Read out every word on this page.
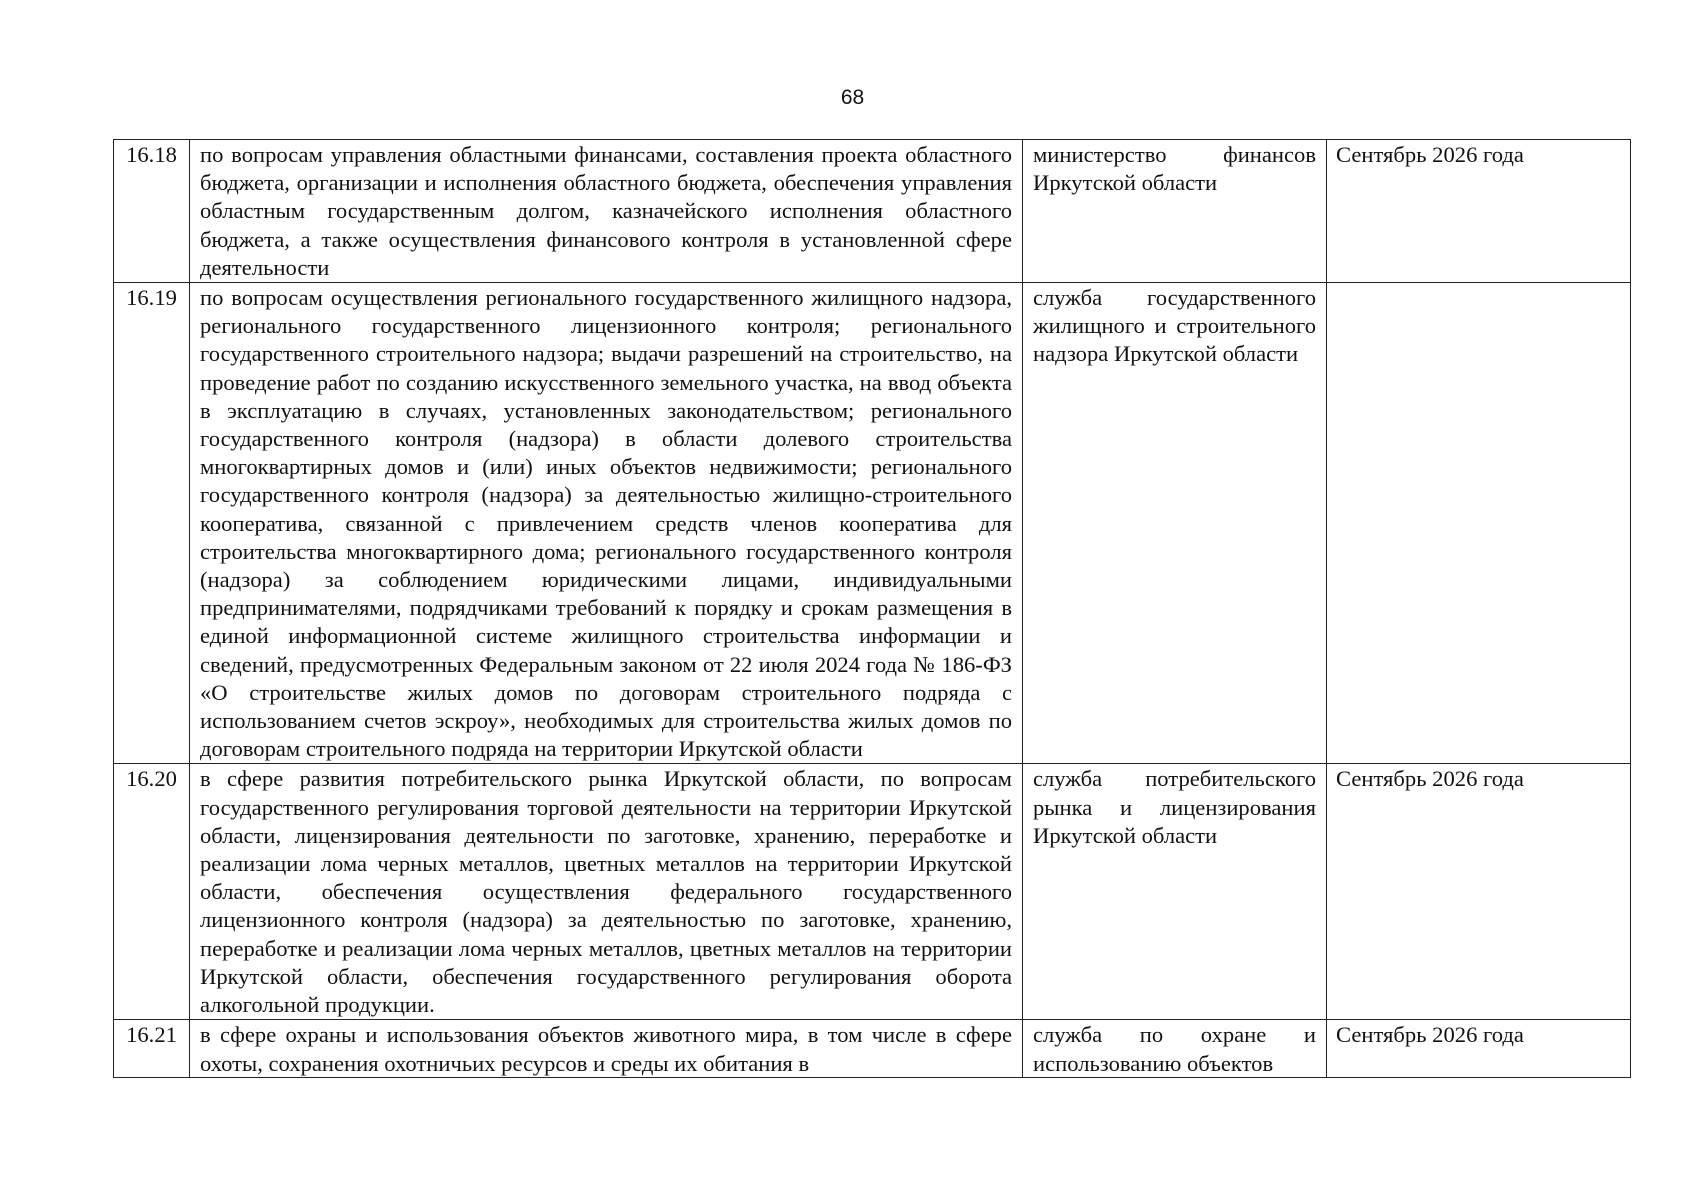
68
16.18	по вопросам управления областными финансами, составления проекта областного бюджета, организации и исполнения областного бюджета, обеспечения управления областным государственным долгом, казначейского исполнения областного бюджета, а также осуществления финансового контроля в установленной сфере деятельности	министерство финансов Иркутской области	Сентябрь 2026 года
16.19	по вопросам осуществления регионального государственного жилищного надзора, регионального государственного лицензионного контроля; регионального государственного строительного надзора; выдачи разрешений на строительство, на проведение работ по созданию искусственного земельного участка, на ввод объекта в эксплуатацию в случаях, установленных законодательством; регионального государственного контроля (надзора) в области долевого строительства многоквартирных домов и (или) иных объектов недвижимости; регионального государственного контроля (надзора) за деятельностью жилищно-строительного кооператива, связанной с привлечением средств членов кооператива для строительства многоквартирного дома; регионального государственного контроля (надзора) за соблюдением юридическими лицами, индивидуальными предпринимателями, подрядчиками требований к порядку и срокам размещения в единой информационной системе жилищного строительства информации и сведений, предусмотренных Федеральным законом от 22 июля 2024 года № 186-ФЗ «О строительстве жилых домов по договорам строительного подряда с использованием счетов эскроу», необходимых для строительства жилых домов по договорам строительного подряда на территории Иркутской области	служба государственного жилищного и строительного надзора Иркутской области	
16.20	в сфере развития потребительского рынка Иркутской области, по вопросам государственного регулирования торговой деятельности на территории Иркутской области, лицензирования деятельности по заготовке, хранению, переработке и реализации лома черных металлов, цветных металлов на территории Иркутской области, обеспечения осуществления федерального государственного лицензионного контроля (надзора) за деятельностью по заготовке, хранению, переработке и реализации лома черных металлов, цветных металлов на территории Иркутской области, обеспечения государственного регулирования оборота алкогольной продукции.	служба потребительского рынка и лицензирования Иркутской области	Сентябрь 2026 года

16.21	в сфере охраны и использования объектов животного мира, в том числе в сфере охоты, сохранения охотничьих ресурсов и среды их обитания в	служба по охране и использованию объектов	Сентябрь 2026 года
